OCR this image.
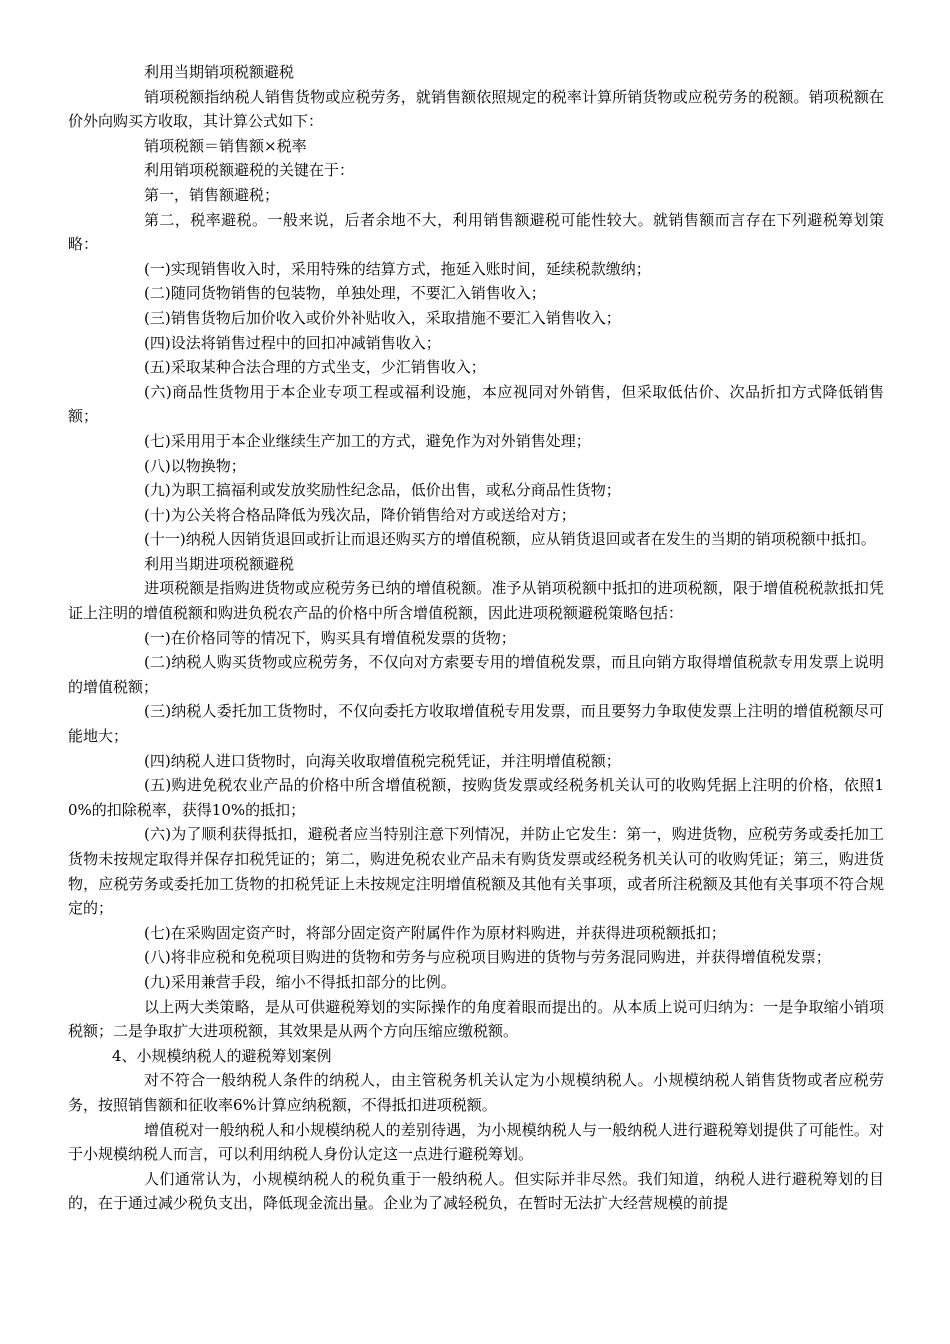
利用当期销项税额避税

销项税额指纳税人销售货物或应税劳务，就销售额依照规定的税率计算所销货物或应税劳务的税额。销项税额在价外向购买方收取，其计算公式如下：

销项税额＝销售额×税率

利用销项税额避税的关键在于：

第一，销售额避税；

第二，税率避税。一般来说，后者余地不大，利用销售额避税可能性较大。就销售额而言存在下列避税筹划策略：

(一)实现销售收入时，采用特殊的结算方式，拖延入账时间，延续税款缴纳；

(二)随同货物销售的包装物，单独处理，不要汇入销售收入；

(三)销售货物后加价收入或价外补贴收入，采取措施不要汇入销售收入；

(四)设法将销售过程中的回扣冲减销售收入；

(五)采取某种合法合理的方式坐支，少汇销售收入；

(六)商品性货物用于本企业专项工程或福利设施，本应视同对外销售，但采取低估价、次品折扣方式降低销售额；

(七)采用用于本企业继续生产加工的方式，避免作为对外销售处理；

(八)以物换物；

(九)为职工搞福利或发放奖励性纪念品，低价出售，或私分商品性货物；

(十)为公关将合格品降低为残次品，降价销售给对方或送给对方；

(十一)纳税人因销货退回或折让而退还购买方的增值税额，应从销货退回或者在发生的当期的销项税额中抵扣。

利用当期进项税额避税

进项税额是指购进货物或应税劳务已纳的增值税额。准予从销项税额中抵扣的进项税额，限于增值税税款抵扣凭证上注明的增值税额和购进负税农产品的价格中所含增值税额，因此进项税额避税策略包括：

(一)在价格同等的情况下，购买具有增值税发票的货物；

(二)纳税人购买货物或应税劳务，不仅向对方索要专用的增值税发票，而且向销方取得增值税款专用发票上说明的增值税额；

(三)纳税人委托加工货物时，不仅向委托方收取增值税专用发票，而且要努力争取使发票上注明的增值税额尽可能地大；

(四)纳税人进口货物时，向海关收取增值税完税凭证，并注明增值税额；

(五)购进免税农业产品的价格中所含增值税额，按购货发票或经税务机关认可的收购凭据上注明的价格，依照10%的扣除税率，获得10%的抵扣；

(六)为了顺利获得抵扣，避税者应当特别注意下列情况，并防止它发生：第一，购进货物，应税劳务或委托加工货物未按规定取得并保存扣税凭证的；第二，购进免税农业产品未有购货发票或经税务机关认可的收购凭证；第三，购进货物，应税劳务或委托加工货物的扣税凭证上未按规定注明增值税额及其他有关事项，或者所注税额及其他有关事项不符合规定的；

(七)在采购固定资产时，将部分固定资产附属件作为原材料购进，并获得进项税额抵扣；

(八)将非应税和免税项目购进的货物和劳务与应税项目购进的货物与劳务混同购进，并获得增值税发票；

(九)采用兼营手段，缩小不得抵扣部分的比例。

以上两大类策略，是从可供避税筹划的实际操作的角度着眼而提出的。从本质上说可归纳为：一是争取缩小销项税额；二是争取扩大进项税额，其效果是从两个方向压缩应缴税额。

4、小规模纳税人的避税筹划案例

对不符合一般纳税人条件的纳税人，由主管税务机关认定为小规模纳税人。小规模纳税人销售货物或者应税劳务，按照销售额和征收率6%计算应纳税额，不得抵扣进项税额。

增值税对一般纳税人和小规模纳税人的差别待遇，为小规模纳税人与一般纳税人进行避税筹划提供了可能性。对于小规模纳税人而言，可以利用纳税人身份认定这一点进行避税筹划。

人们通常认为，小规模纳税人的税负重于一般纳税人。但实际并非尽然。我们知道，纳税人进行避税筹划的目的，在于通过减少税负支出，降低现金流出量。企业为了减轻税负，在暂时无法扩大经营规模的前提
